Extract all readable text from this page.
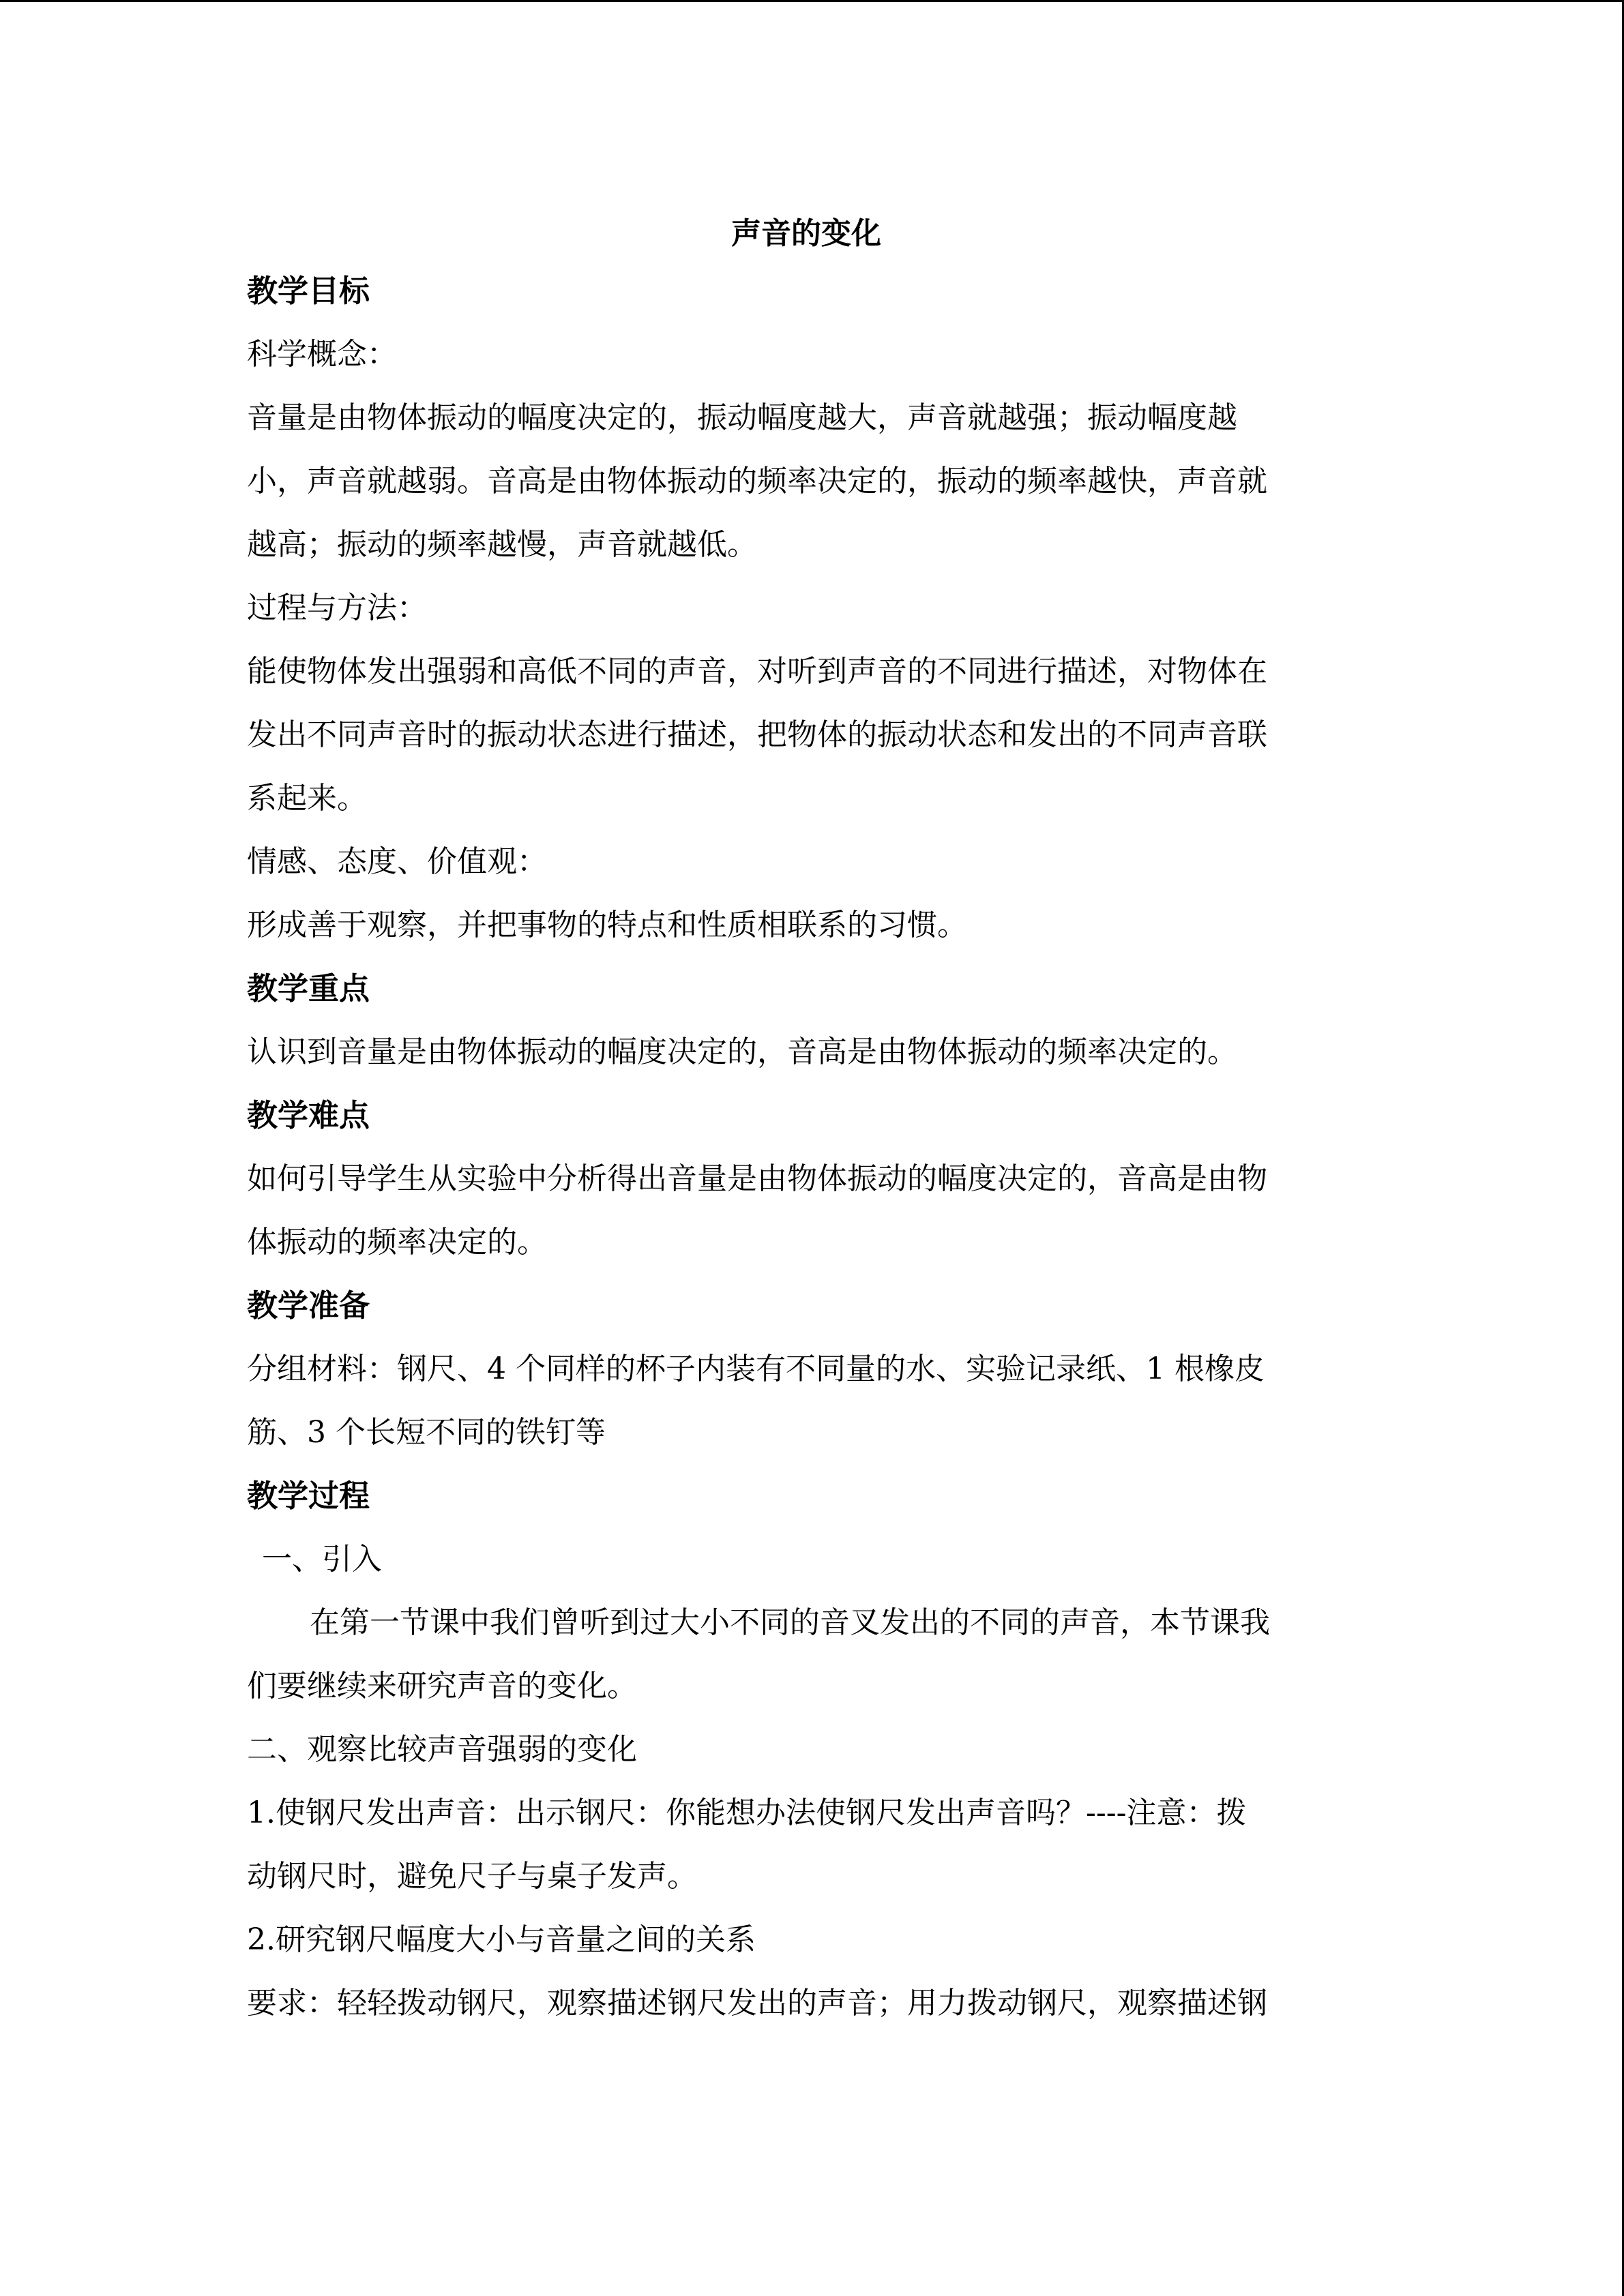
声音的变化
教学目标
科学概念：
音量是由物体振动的幅度决定的，振动幅度越大，声音就越强；振动幅度越
小，声音就越弱。音高是由物体振动的频率决定的，振动的频率越快，声音就
越高；振动的频率越慢，声音就越低。
过程与方法：
能使物体发出强弱和高低不同的声音，对听到声音的不同进行描述，对物体在
发出不同声音时的振动状态进行描述，把物体的振动状态和发出的不同声音联
系起来。
情感、态度、价值观：
形成善于观察，并把事物的特点和性质相联系的习惯。
教学重点
认识到音量是由物体振动的幅度决定的，音高是由物体振动的频率决定的。
教学难点
如何引导学生从实验中分析得出音量是由物体振动的幅度决定的，音高是由物
体振动的频率决定的。
教学准备
分组材料：钢尺、4 个同样的杯子内装有不同量的水、实验记录纸、1 根橡皮
筋、3 个长短不同的铁钉等
教学过程
一、引入
在第一节课中我们曾听到过大小不同的音叉发出的不同的声音，本节课我
们要继续来研究声音的变化。
二、观察比较声音强弱的变化
1.使钢尺发出声音：出示钢尺：你能想办法使钢尺发出声音吗？----注意：拨
动钢尺时，避免尺子与桌子发声。
2.研究钢尺幅度大小与音量之间的关系
要求：轻轻拨动钢尺，观察描述钢尺发出的声音；用力拨动钢尺，观察描述钢
